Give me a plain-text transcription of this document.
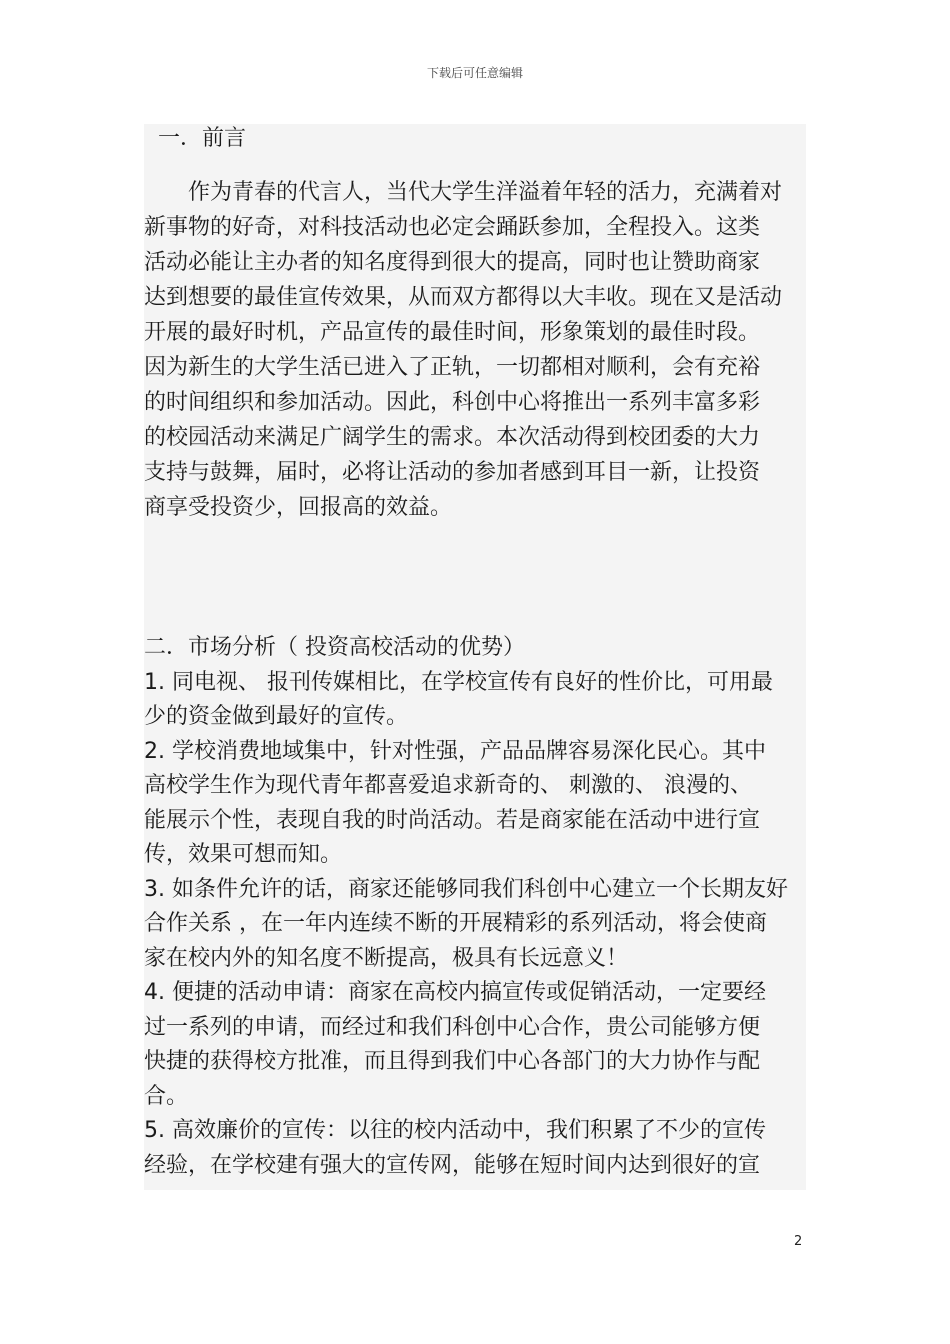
下载后可任意编辑
一．前言
　　作为青春的代言人，当代大学生洋溢着年轻的活力，充满着对
新事物的好奇，对科技活动也必定会踊跃参加，全程投入。这类
活动必能让主办者的知名度得到很大的提高，同时也让赞助商家
达到想要的最佳宣传效果，从而双方都得以大丰收。现在又是活动
开展的最好时机，产品宣传的最佳时间，形象策划的最佳时段。
因为新生的大学生活已进入了正轨，一切都相对顺利，会有充裕
的时间组织和参加活动。因此，科创中心将推出一系列丰富多彩
的校园活动来满足广阔学生的需求。本次活动得到校团委的大力
支持与鼓舞，届时，必将让活动的参加者感到耳目一新，让投资
商享受投资少，回报高的效益。
二．市场分析（ 投资高校活动的优势）
1. 同电视、 报刊传媒相比，在学校宣传有良好的性价比，可用最
少的资金做到最好的宣传。
2. 学校消费地域集中，针对性强，产品品牌容易深化民心。其中
高校学生作为现代青年都喜爱追求新奇的、 刺激的、 浪漫的、
能展示个性，表现自我的时尚活动。若是商家能在活动中进行宣
传，效果可想而知。
3. 如条件允许的话，商家还能够同我们科创中心建立一个长期友好
合作关系 ，在一年内连续不断的开展精彩的系列活动，将会使商
家在校内外的知名度不断提高，极具有长远意义！
4. 便捷的活动申请：商家在高校内搞宣传或促销活动，一定要经
过一系列的申请，而经过和我们科创中心合作，贵公司能够方便
快捷的获得校方批准，而且得到我们中心各部门的大力协作与配
合。
5. 高效廉价的宣传：以往的校内活动中，我们积累了不少的宣传
经验，在学校建有强大的宣传网，能够在短时间内达到很好的宣
2
